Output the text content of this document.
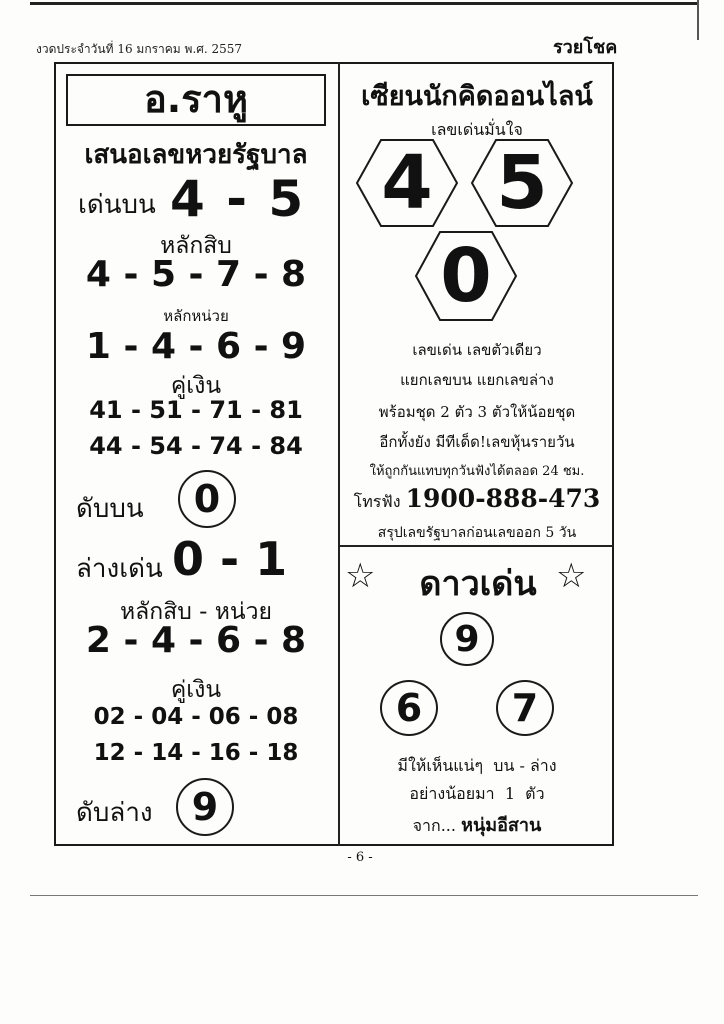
งวดประจำวันที่ 16 มกราคม พ.ศ. 2557	รวยโชค
อ.ราหู
เสนอเลขหวยรัฐบาล
เด่นบน 4 - 5
หลักสิบ
4 - 5 - 7 - 8
หลักหน่วย
1 - 4 - 6 - 9
คู่เงิน
41 - 51 - 71 - 81
44 - 54 - 74 - 84
ดับบน	0
ล่างเด่น 0 - 1
หลักสิบ - หน่วย
2 - 4 - 6 - 8
คู่เงิน
02 - 04 - 06 - 08
12 - 14 - 16 - 18
ดับล่าง	9
เซียนนักคิดออนไลน์
เลขเด่นมั่นใจ
4 5
0
เลขเด่น เลขตัวเดียว
แยกเลขบน แยกเลขล่าง
พร้อมชุด 2 ตัว 3 ตัวให้น้อยชุด
อีกทั้งยัง มีทีเด็ด!เลขหุ้นรายวัน
ให้ถูกกันแทบทุกวันฟังได้ตลอด 24 ชม.
โทรฟัง 1900-888-473
สรุปเลขรัฐบาลก่อนเลขออก 5 วัน
☆	ดาวเด่น ☆
9
6	7
มีให้เห็นแน่ๆ  บน - ล่าง
อย่างน้อยมา  1  ตัว
จาก... หนุ่มอีสาน
- 6 -
